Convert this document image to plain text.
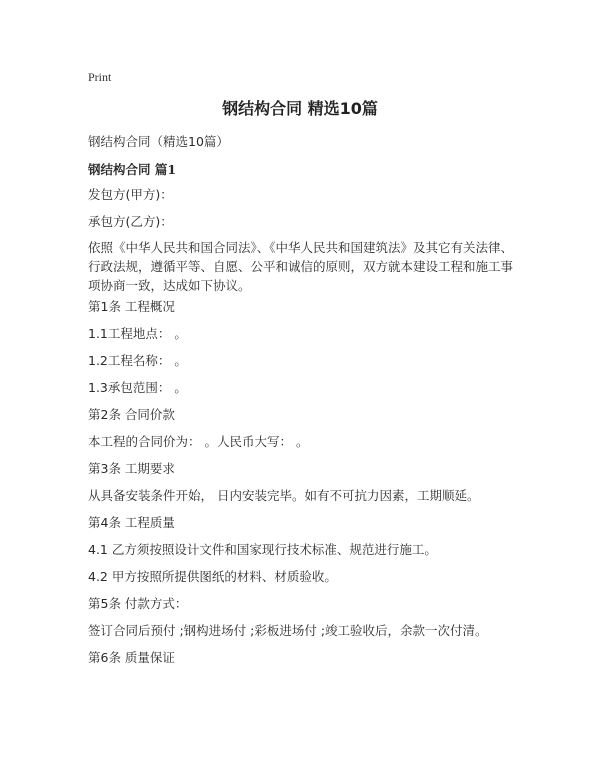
Print
钢结构合同 精选10篇
钢结构合同（精选10篇）
钢结构合同 篇1
发包方(甲方)：
承包方(乙方)：
依照《中华人民共和国合同法》、《中华人民共和国建筑法》及其它有关法律、行政法规，遵循平等、自愿、公平和诚信的原则，双方就本建设工程和施工事项协商一致，达成如下协议。
第1条 工程概况
1.1工程地点： 。
1.2工程名称： 。
1.3承包范围： 。
第2条 合同价款
本工程的合同价为： 。人民币大写： 。
第3条 工期要求
从具备安装条件开始， 日内安装完毕。如有不可抗力因素，工期顺延。
第4条 工程质量
4.1 乙方须按照设计文件和国家现行技术标准、规范进行施工。
4.2 甲方按照所提供图纸的材料、材质验收。
第5条 付款方式：
签订合同后预付 ;钢构进场付 ;彩板进场付 ;竣工验收后，余款一次付清。
第6条 质量保证
